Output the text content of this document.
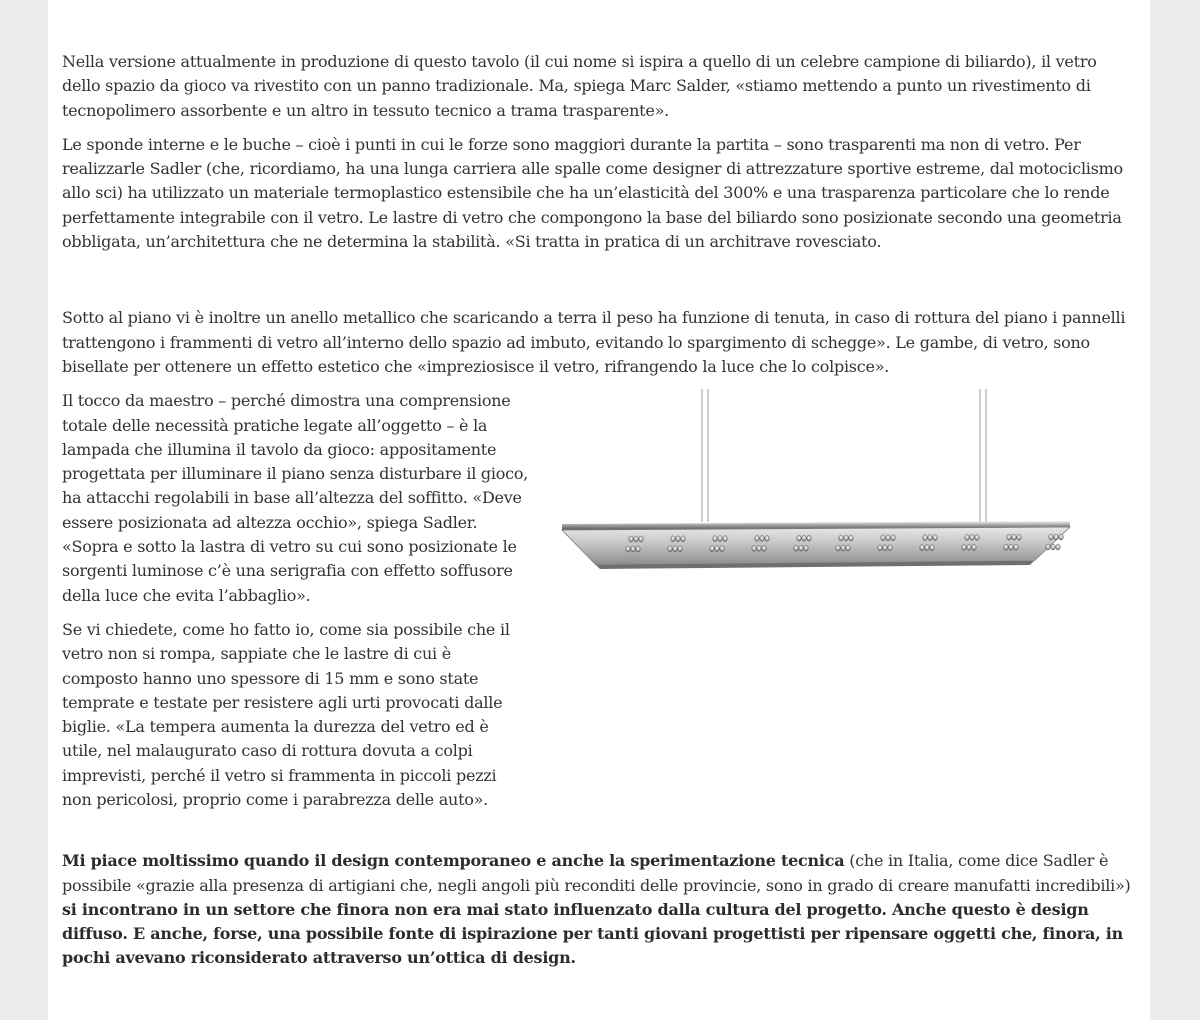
Nella versione attualmente in produzione di questo tavolo (il cui nome si ispira a quello di un celebre campione di biliardo), il vetro dello spazio da gioco va rivestito con un panno tradizionale. Ma, spiega Marc Salder, «stiamo mettendo a punto un rivestimento di tecnopolimero assorbente e un altro in tessuto tecnico a trama trasparente».

Le sponde interne e le buche – cioè i punti in cui le forze sono maggiori durante la partita – sono trasparenti ma non di vetro. Per realizzarle Sadler (che, ricordiamo, ha una lunga carriera alle spalle come designer di attrezzature sportive estreme, dal motociclismo allo sci) ha utilizzato un materiale termoplastico estensibile che ha un’elasticità del 300% e una trasparenza particolare che lo rende perfettamente integrabile con il vetro. Le lastre di vetro che compongono la base del biliardo sono posizionate secondo una geometria obbligata, un’architettura che ne determina la stabilità. «Si tratta in pratica di un architrave rovesciato.

Sotto al piano vi è inoltre un anello metallico che scaricando a terra il peso ha funzione di tenuta, in caso di rottura del piano i pannelli trattengono i frammenti di vetro all’interno dello spazio ad imbuto, evitando lo spargimento di schegge». Le gambe, di vetro, sono bisellate per ottenere un effetto estetico che «impreziosisce il vetro, rifrangendo la luce che lo colpisce».

Il tocco da maestro – perché dimostra una comprensione totale delle necessità pratiche legate all’oggetto – è la lampada che illumina il tavolo da gioco: appositamente progettata per illuminare il piano senza disturbare il gioco, ha attacchi regolabili in base all’altezza del soffitto. «Deve essere posizionata ad altezza occhio», spiega Sadler. «Sopra e sotto la lastra di vetro su cui sono posizionate le sorgenti luminose c’è una serigrafia con effetto soffusore della luce che evita l’abbaglio».

Se vi chiedete, come ho fatto io, come sia possibile che il vetro non si rompa, sappiate che le lastre di cui è composto hanno uno spessore di 15 mm e sono state temprate e testate per resistere agli urti provocati dalle biglie. «La tempera aumenta la durezza del vetro ed è utile, nel malaugurato caso di rottura dovuta a colpi imprevisti, perché il vetro si frammenta in piccoli pezzi non pericolosi, proprio come i parabrezza delle auto».

Mi piace moltissimo quando il design contemporaneo e anche la sperimentazione tecnica (che in Italia, come dice Sadler è possibile «grazie alla presenza di artigiani che, negli angoli più reconditi delle provincie, sono in grado di creare manufatti incredibili») si incontrano in un settore che finora non era mai stato influenzato dalla cultura del progetto. Anche questo è design diffuso. E anche, forse, una possibile fonte di ispirazione per tanti giovani progettisti per ripensare oggetti che, finora, in pochi avevano riconsiderato attraverso un’ottica di design.
